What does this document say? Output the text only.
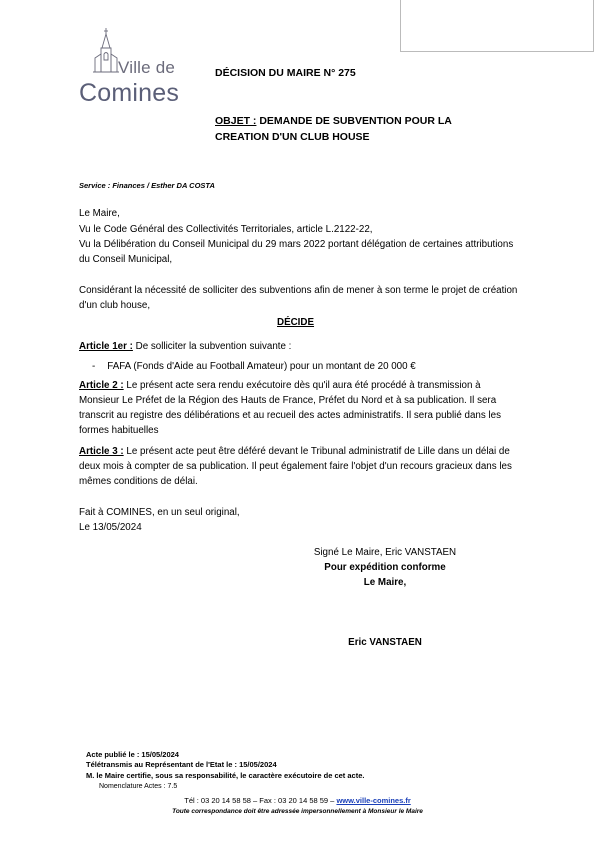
Ville de
Comines
DÉCISION DU MAIRE N° 275
OBJET : DEMANDE DE SUBVENTION POUR LA CREATION D'UN CLUB HOUSE
Service : Finances / Esther DA COSTA
Le Maire,
Vu le Code Général des Collectivités Territoriales, article L.2122-22,
Vu la Délibération du Conseil Municipal du 29 mars 2022 portant délégation de certaines attributions du Conseil Municipal,
Considérant la nécessité de solliciter des subventions afin de mener à son terme le projet de création d'un club house,
DÉCIDE
Article 1er : De solliciter la subvention suivante :
- FAFA (Fonds d'Aide au Football Amateur) pour un montant de 20 000 €
Article 2 : Le présent acte sera rendu exécutoire dès qu'il aura été procédé à transmission à Monsieur Le Préfet de la Région des Hauts de France, Préfet du Nord et à sa publication. Il sera transcrit au registre des délibérations et au recueil des actes administratifs. Il sera publié dans les formes habituelles
Article 3 : Le présent acte peut être déféré devant le Tribunal administratif de Lille dans un délai de deux mois à compter de sa publication. Il peut également faire l'objet d'un recours gracieux dans les mêmes conditions de délai.
Fait à COMINES, en un seul original,
Le 13/05/2024
Signé Le Maire, Eric VANSTAEN
Pour expédition conforme
Le Maire,
Eric VANSTAEN
Acte publié le : 15/05/2024
Télétransmis au Représentant de l'Etat le : 15/05/2024
M. le Maire certifie, sous sa responsabilité, le caractère exécutoire de cet acte.
Nomenclature Actes : 7.5
Tél : 03 20 14 58 58 – Fax : 03 20 14 58 59 – www.ville-comines.fr
Toute correspondance doit être adressée impersonnellement à Monsieur le Maire
